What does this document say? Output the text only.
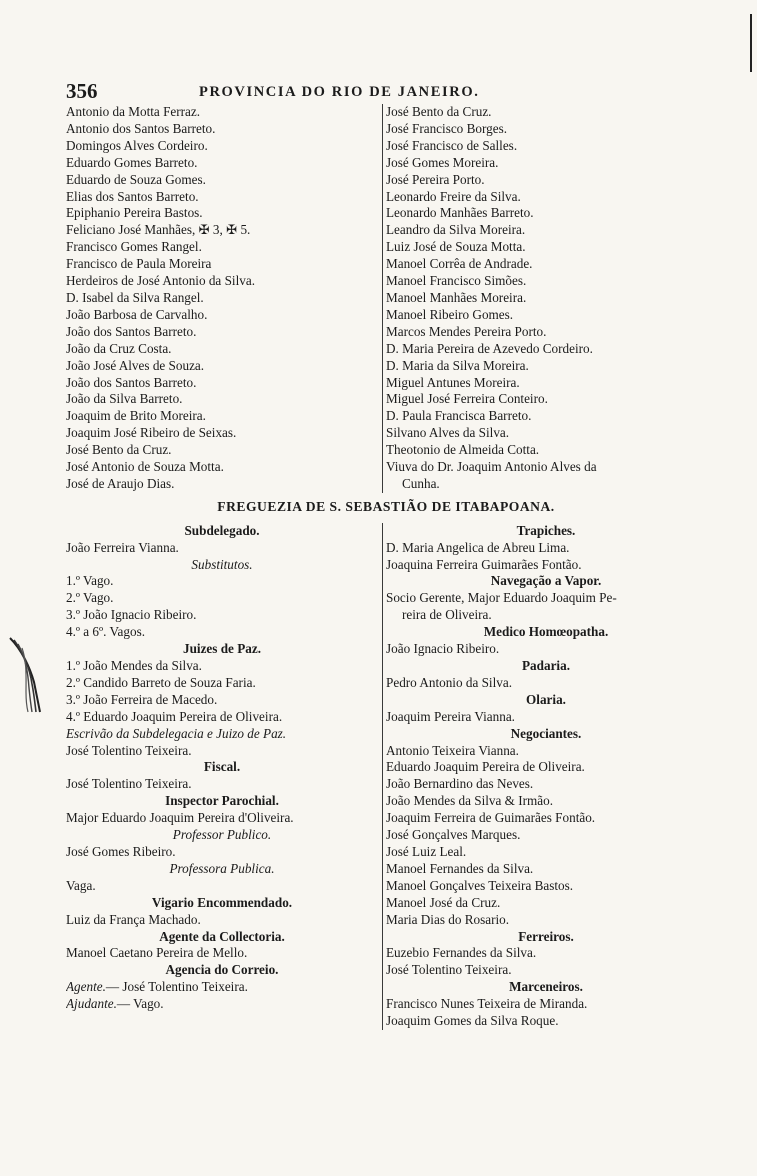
356	PROVINCIA DO RIO DE JANEIRO.
Antonio da Motta Ferraz.
Antonio dos Santos Barreto.
Domingos Alves Cordeiro.
Eduardo Gomes Barreto.
Eduardo de Souza Gomes.
Elias dos Santos Barreto.
Epiphanio Pereira Bastos.
Feliciano José Manhães, ✠ 3, ✠ 5.
Francisco Gomes Rangel.
Francisco de Paula Moreira
Herdeiros de José Antonio da Silva.
D. Isabel da Silva Rangel.
João Barbosa de Carvalho.
João dos Santos Barreto.
João da Cruz Costa.
João José Alves de Souza.
João dos Santos Barreto.
João da Silva Barreto.
Joaquim de Brito Moreira.
Joaquim José Ribeiro de Seixas.
José Bento da Cruz.
José Antonio de Souza Motta.
José de Araujo Dias.
José Bento da Cruz.
José Francisco Borges.
José Francisco de Salles.
José Gomes Moreira.
José Pereira Porto.
Leonardo Freire da Silva.
Leonardo Manhães Barreto.
Leandro da Silva Moreira.
Luiz José de Souza Motta.
Manoel Corrêa de Andrade.
Manoel Francisco Simões.
Manoel Manhães Moreira.
Manoel Ribeiro Gomes.
Marcos Mendes Pereira Porto.
D. Maria Pereira de Azevedo Cordeiro.
D. Maria da Silva Moreira.
Miguel Antunes Moreira.
Miguel José Ferreira Conteiro.
D. Paula Francisca Barreto.
Silvano Alves da Silva.
Theotonio de Almeida Cotta.
Viuva do Dr. Joaquim Antonio Alves da
Cunha.
FREGUEZIA DE S. SEBASTIÃO DE ITABAPOANA.
Subdelegado.
João Ferreira Vianna.
Substitutos.
1.º Vago.
2.º Vago.
3.º João Ignacio Ribeiro.
4.º a 6º. Vagos.
Juizes de Paz.
1.º João Mendes da Silva.
2.º Candido Barreto de Souza Faria.
3.º João Ferreira de Macedo.
4.º Eduardo Joaquim Pereira de Oliveira.
Escrivão da Subdelegacia e Juizo de Paz.
José Tolentino Teixeira.
Fiscal.
José Tolentino Teixeira.
Inspector Parochial.
Major Eduardo Joaquim Pereira d'Oliveira.
Professor Publico.
José Gomes Ribeiro.
Professora Publica.
Vaga.
Vigario Encommendado.
Luiz da França Machado.
Agente da Collectoria.
Manoel Caetano Pereira de Mello.
Agencia do Correio.
Agente.— José Tolentino Teixeira.
Ajudante.— Vago.
Trapiches.
D. Maria Angelica de Abreu Lima.
Joaquina Ferreira Guimarães Fontão.
Navegação a Vapor.
Socio Gerente, Major Eduardo Joaquim Pe-
reira de Oliveira.
Medico Homœopatha.
João Ignacio Ribeiro.
Padaria.
Pedro Antonio da Silva.
Olaria.
Joaquim Pereira Vianna.
Negociantes.
Antonio Teixeira Vianna.
Eduardo Joaquim Pereira de Oliveira.
João Bernardino das Neves.
João Mendes da Silva & Irmão.
Joaquim Ferreira de Guimarães Fontão.
José Gonçalves Marques.
José Luiz Leal.
Manoel Fernandes da Silva.
Manoel Gonçalves Teixeira Bastos.
Manoel José da Cruz.
Maria Dias do Rosario.
Ferreiros.
Euzebio Fernandes da Silva.
José Tolentino Teixeira.
Marceneiros.
Francisco Nunes Teixeira de Miranda.
Joaquim Gomes da Silva Roque.
